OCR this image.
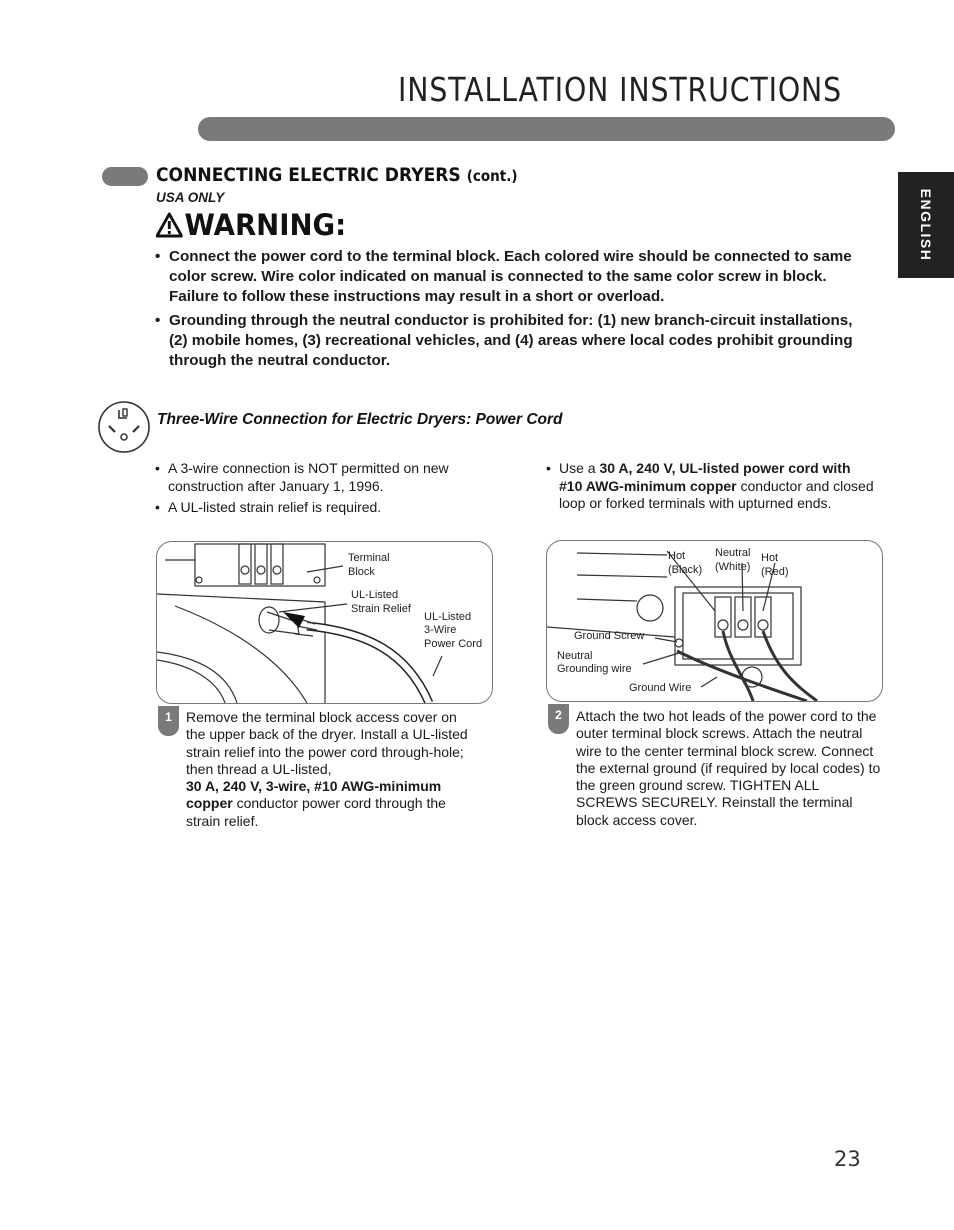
INSTALLATION INSTRUCTIONS
CONNECTING ELECTRIC DRYERS (cont.)
USA ONLY	ENGLISH
WARNING:
• Connect the power cord to the terminal block. Each colored wire should be connected to same color screw. Wire color indicated on manual is connected to the same color screw in block. Failure to follow these instructions may result in a short or overload.
• Grounding through the neutral conductor is prohibited for: (1) new branch-circuit installations, (2) mobile homes, (3) recreational vehicles, and (4) areas where local codes prohibit grounding through the neutral conductor.
Three-Wire Connection for Electric Dryers: Power Cord
• A 3-wire connection is NOT permitted on new construction after January 1, 1996.
• A UL-listed strain relief is required.
• Use a 30 A, 240 V, UL-listed power cord with #10 AWG-minimum copper conductor and closed loop or forked terminals with upturned ends.
Terminal
Block
UL-Listed
Strain Relief
UL-Listed
3-Wire
Power Cord
1	Remove the terminal block access cover on the upper back of the dryer. Install a UL-listed strain relief into the power cord through-hole; then thread a UL-listed,
30 A, 240 V, 3-wire, #10 AWG-minimum copper conductor power cord through the strain relief.
Hot
(Black)
Neutral
(White)
Hot
(Red)
Ground Screw
Neutral
Grounding wire
Ground Wire
2	Attach the two hot leads of the power cord to the outer terminal block screws. Attach the neutral wire to the center terminal block screw. Connect the external ground (if required by local codes) to the green ground screw. TIGHTEN ALL SCREWS SECURELY. Reinstall the terminal block access cover.
23
